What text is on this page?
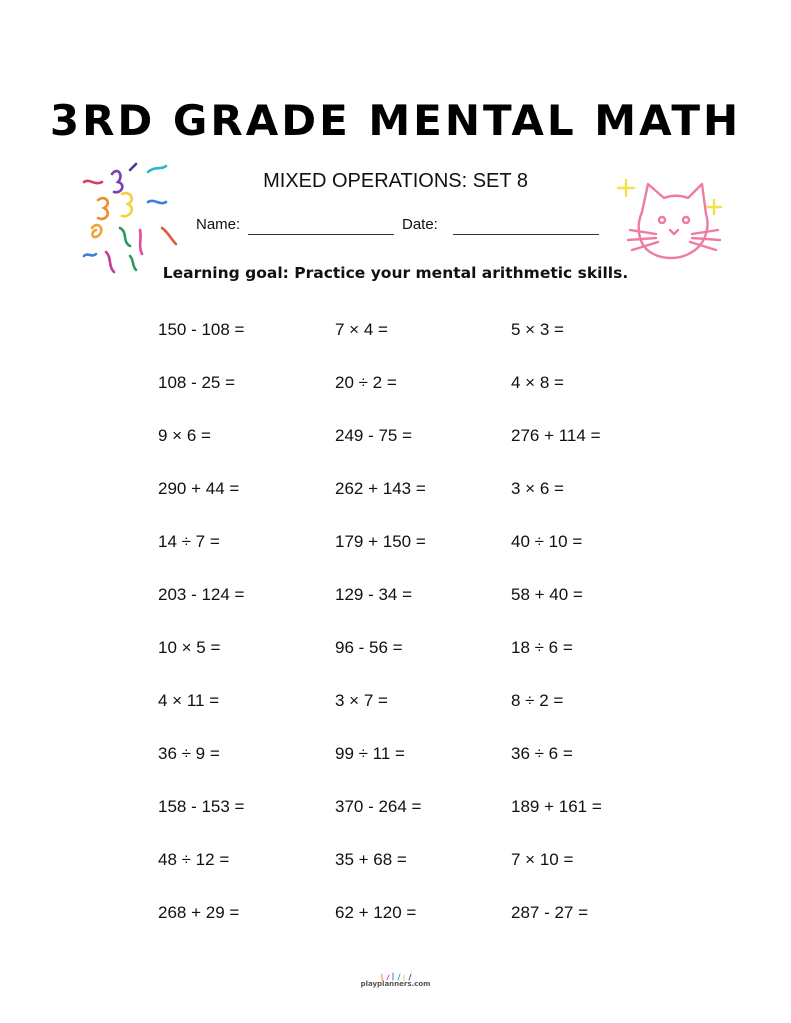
3RD GRADE MENTAL MATH
MIXED OPERATIONS: SET 8
Name:	Date:
Learning goal: Practice your mental arithmetic skills.
150 - 108 =
108 - 25 =
9 × 6 =
290 + 44 =
14 ÷ 7 =
203 - 124 =
10 × 5 =
4 × 11 =
36 ÷ 9 =
158 - 153 =
48 ÷ 12 =
268 + 29 =
7 × 4 =
20 ÷ 2 =
249 - 75 =
262 + 143 =
179 + 150 =
129 - 34 =
96 - 56 =
3 × 7 =
99 ÷ 11 =
370 - 264 =
35 + 68 =
62 + 120 =
5 × 3 =
4 × 8 =
276 + 114 =
3 × 6 =
40 ÷ 10 =
58 + 40 =
18 ÷ 6 =
8 ÷ 2 =
36 ÷ 6 =
189 + 161 =
7 × 10 =
287 - 27 =
playplanners.com
